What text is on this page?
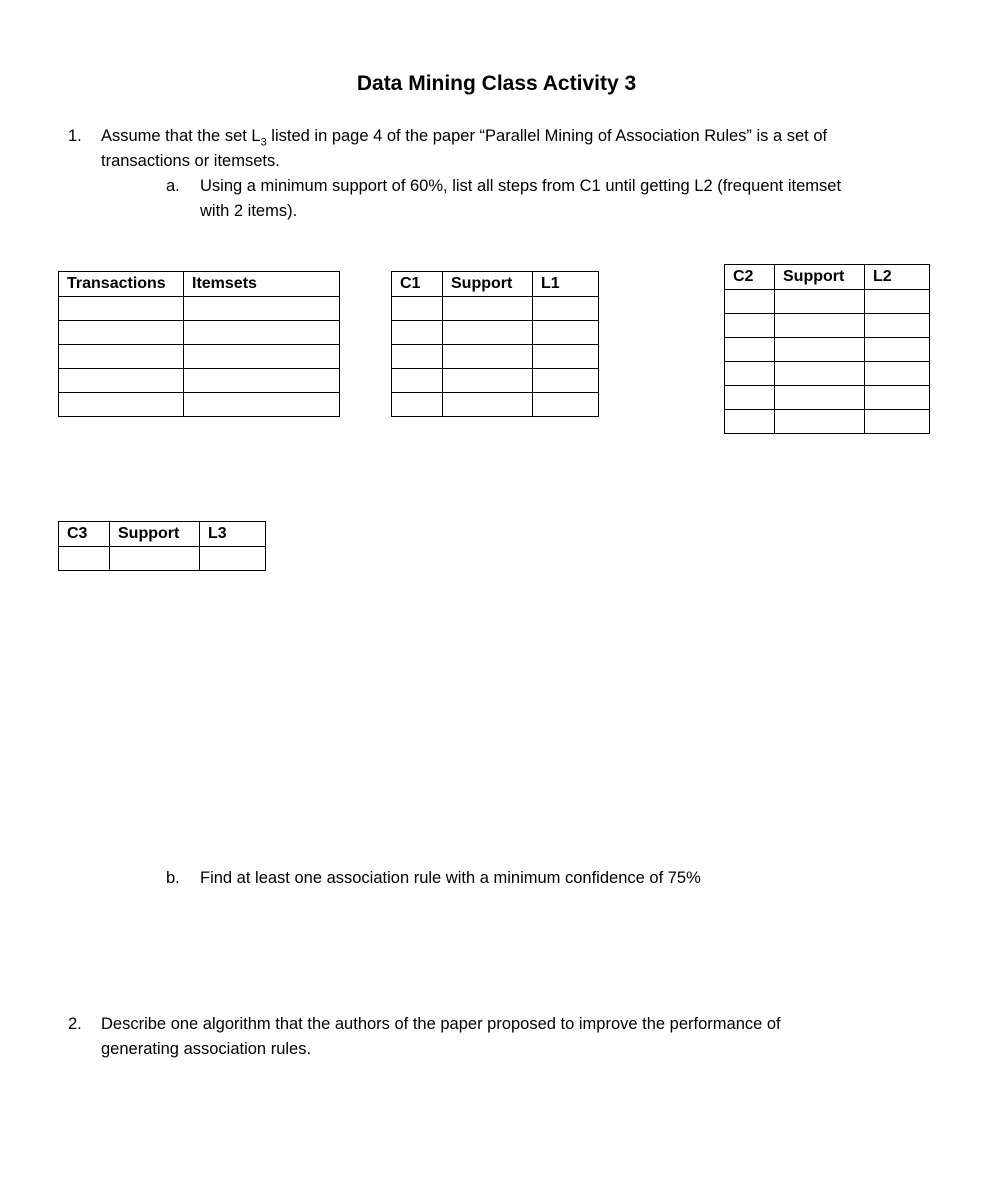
Data Mining Class Activity 3
1. Assume that the set $L_3$ listed in page 4 of the paper “Parallel Mining of Association Rules” is a set of
transactions or itemsets.
a. Using a minimum support of 60%, list all steps from C1 until getting L2 (frequent itemset
with 2 items).
Transactions	Itemsets

		C1	Support	L1

			C2	Support	L2

C3	Support	L3

b. Find at least one association rule with a minimum confidence of 75%
2. Describe one algorithm that the authors of the paper proposed to improve the performance of
generating association rules.
